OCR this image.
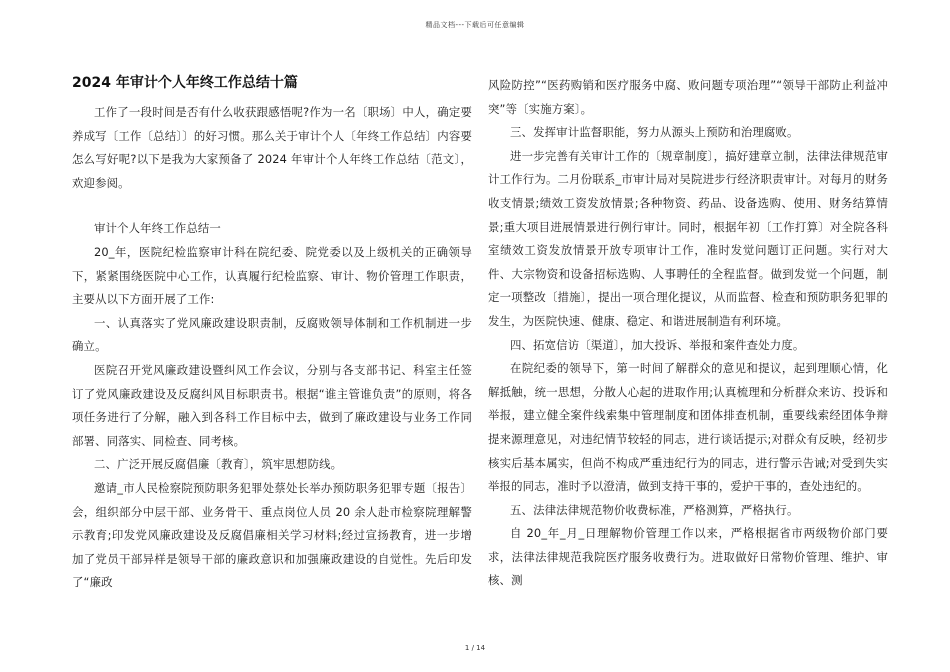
精品文档---下载后可任意编辑
2024 年审计个人年终工作总结十篇

工作了一段时间是否有什么收获跟感悟呢?作为一名〔职场〕中人，确定要养成写〔工作〔总结〕〕的好习惯。那么关于审计个人〔年终工作总结〕内容要怎么写好呢?以下是我为大家预备了 2024 年审计个人年终工作总结〔范文〕，欢迎参阅。

审计个人年终工作总结一

20_年，医院纪检监察审计科在院纪委、院党委以及上级机关的正确领导下，紧紧围绕医院中心工作，认真履行纪检监察、审计、物价管理工作职责，主要从以下方面开展了工作:

一、认真落实了党风廉政建设职责制，反腐败领导体制和工作机制进一步确立。

医院召开党风廉政建设暨纠风工作会议，分别与各支部书记、科室主任签订了党风廉政建设及反腐纠风目标职责书。根据“谁主管谁负责”的原则，将各项任务进行了分解，融入到各科工作目标中去，做到了廉政建设与业务工作同部署、同落实、同检查、同考核。

二、广泛开展反腐倡廉〔教育〕，筑牢思想防线。

邀请_市人民检察院预防职务犯罪处蔡处长举办预防职务犯罪专题〔报告〕会，组织部分中层干部、业务骨干、重点岗位人员 20 余人赴市检察院理解警示教育;印发党风廉政建设及反腐倡廉相关学习材料;经过宣扬教育，进一步增加了党员干部异样是领导干部的廉政意识和加强廉政建设的自觉性。先后印发了“廉政

风险防控”“医药购销和医疗服务中腐、败问题专项治理”“领导干部防止利益冲突”等〔实施方案〕。

三、发挥审计监督职能，努力从源头上预防和治理腐败。

进一步完善有关审计工作的〔规章制度〕，搞好建章立制，法律法律规范审计工作行为。二月份联系_市审计局对吴院进步行经济职责审计。对每月的财务收支情景;绩效工资发放情景;各种物资、药品、设备选购、使用、财务结算情景;重大项目进展情景进行例行审计。同时，根据年初〔工作打算〕对全院各科室绩效工资发放情景开放专项审计工作，准时发觉问题订正问题。实行对大件、大宗物资和设备招标选购、人事聘任的全程监督。做到发觉一个问题，制定一项整改〔措施〕，提出一项合理化提议，从而监督、检查和预防职务犯罪的发生，为医院快速、健康、稳定、和谐进展制造有利环境。

四、拓宽信访〔渠道〕，加大投诉、举报和案件查处力度。

在院纪委的领导下，第一时间了解群众的意见和提议，起到理顺心情，化解抵触，统一思想，分散人心起的进取作用;认真梳理和分析群众来访、投诉和举报，建立健全案件线索集中管理制度和团体排查机制，重要线索经团体争辩提来源理意见，对违纪情节较轻的同志，进行谈话提示;对群众有反映，经初步核实后基本属实，但尚不构成严重违纪行为的同志，进行警示告诫;对受到失实举报的同志，准时予以澄清，做到支持干事的，爱护干事的，查处违纪的。

五、法律法律规范物价收费标准，严格测算，严格执行。

自 20_年_月_日理解物价管理工作以来，严格根据省市两级物价部门要求，法律法律规范我院医疗服务收费行为。进取做好日常物价管理、维护、审核、测

1 / 14
